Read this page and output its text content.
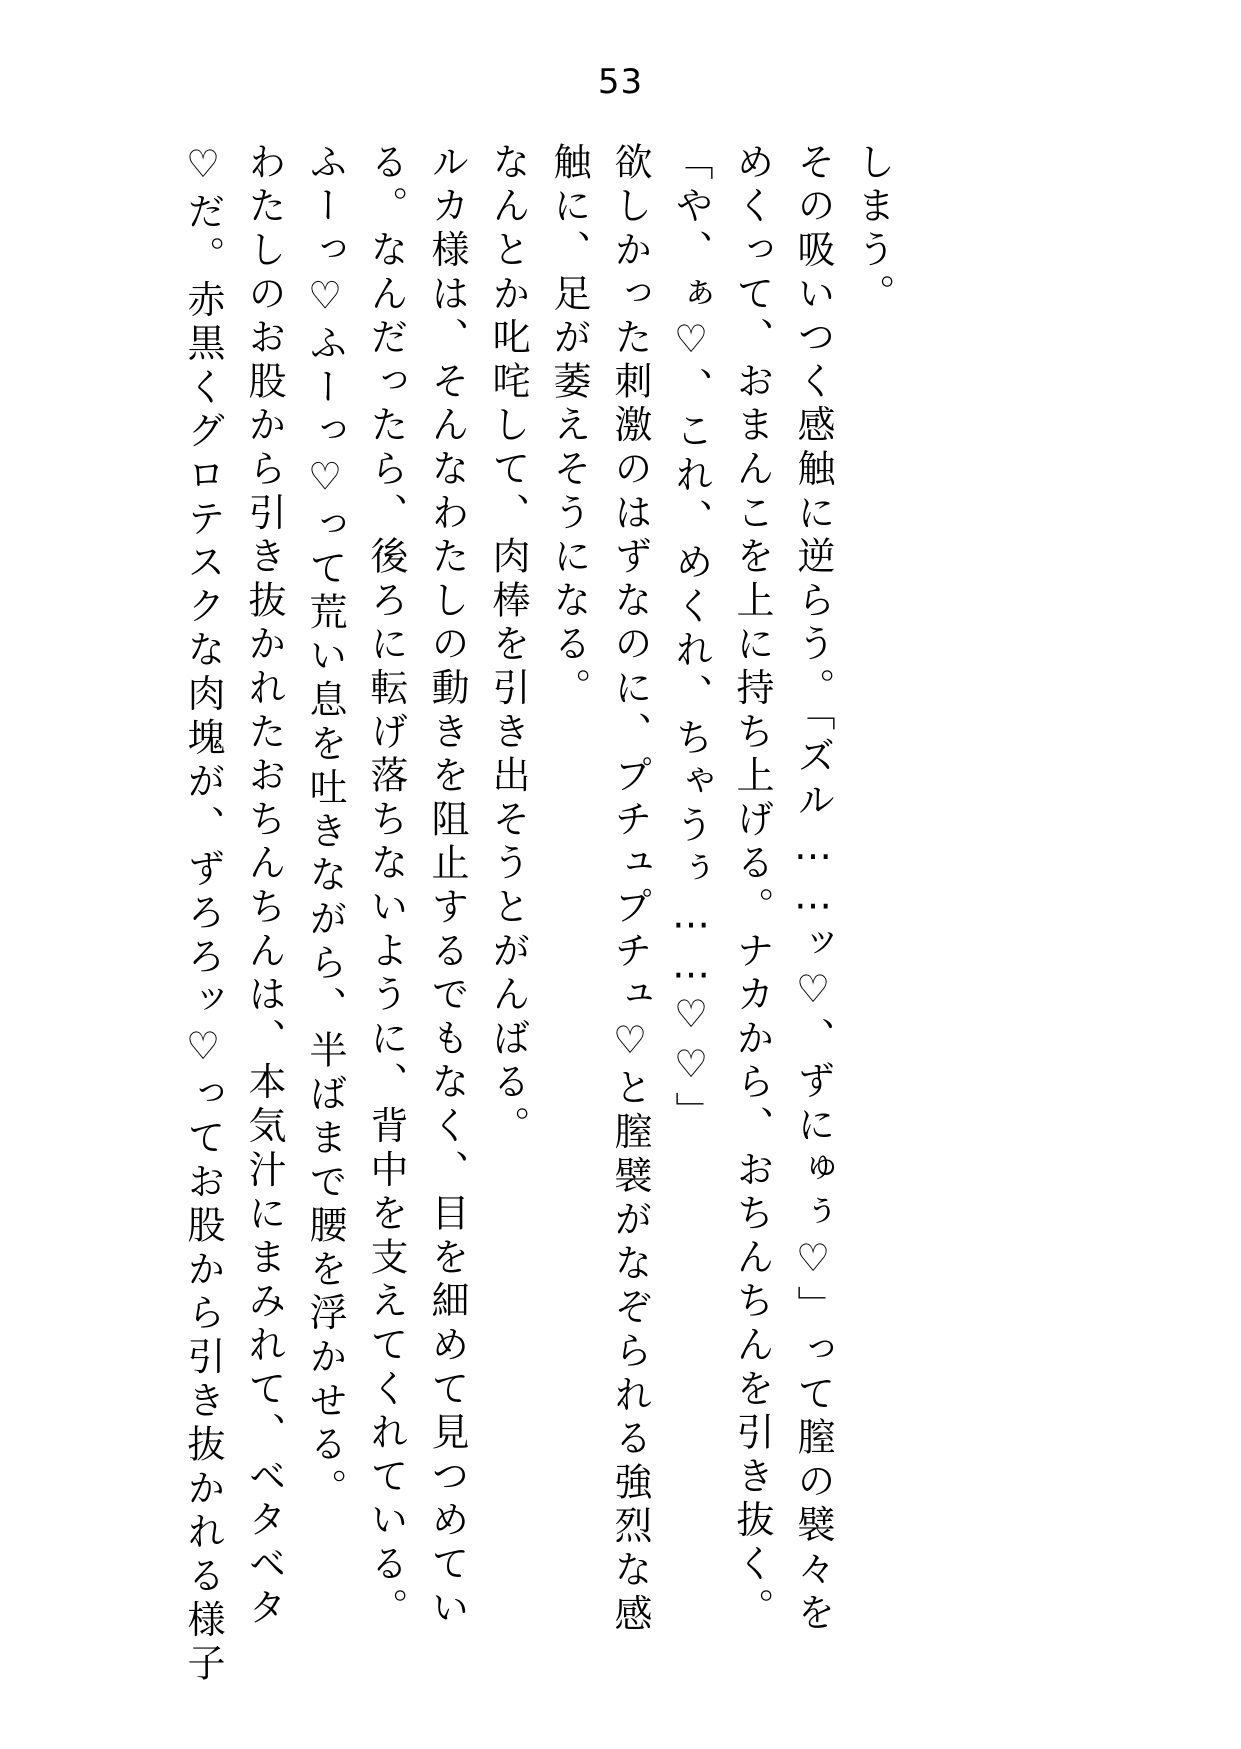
53

しまう。

その吸いつく感触に逆らう。「ズル……ッ♡、ずにゅぅ♡」って膣の襞々を

めくって、おまんこを上に持ち上げる。ナカから、おちんちんを引き抜く。

「や、ぁ♡、これ、めくれ、ちゃうぅ……♡♡」

欲しかった刺激のはずなのに、プチュプチュ♡と膣襞がなぞられる強烈な感

触に、足が萎えそうになる。

なんとか叱咤して、肉棒を引き出そうとがんばる。

ルカ様は、そんなわたしの動きを阻止するでもなく、目を細めて見つめてい

る。なんだったら、後ろに転げ落ちないように、背中を支えてくれている。

ふーっ♡ふーっ♡って荒い息を吐きながら、半ばまで腰を浮かせる。

わたしのお股から引き抜かれたおちんちんは、本気汁にまみれて、ベタベタ

♡だ。赤黒くグロテスクな肉塊が、ずろろッ♡ってお股から引き抜かれる様子
